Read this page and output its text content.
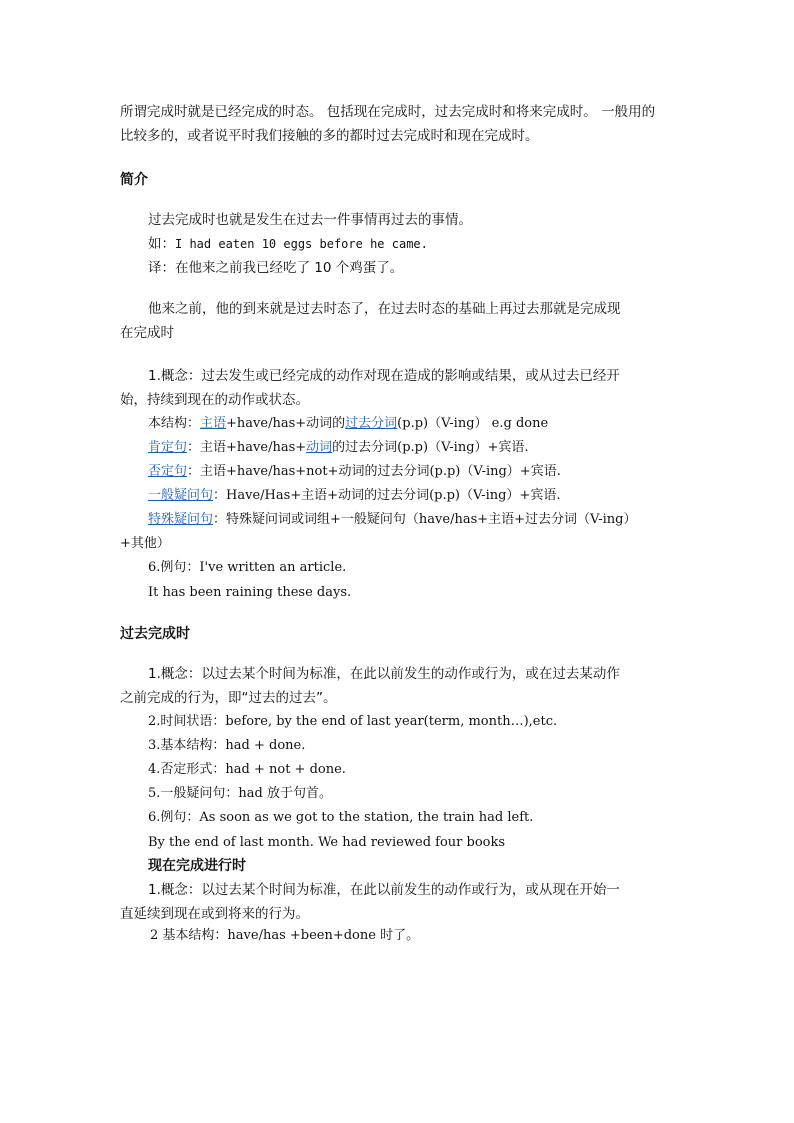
所谓完成时就是已经完成的时态。 包括现在完成时，过去完成时和将来完成时。 一般用的
比较多的，或者说平时我们接触的多的都时过去完成时和现在完成时。
简介
过去完成时也就是发生在过去一件事情再过去的事情。
如：I had eaten 10 eggs before he came.
译：在他来之前我已经吃了 10 个鸡蛋了。
他来之前，他的到来就是过去时态了，在过去时态的基础上再过去那就是完成现
在完成时
1.概念：过去发生或已经完成的动作对现在造成的影响或结果，或从过去已经开
始，持续到现在的动作或状态。
本结构：主语+have/has+动词的过去分词(p.p)（V-ing） e.g done
肯定句：主语+have/has+动词的过去分词(p.p)（V-ing）+宾语.
否定句：主语+have/has+not+动词的过去分词(p.p)（V-ing）+宾语.
一般疑问句：Have/Has+主语+动词的过去分词(p.p)（V-ing）+宾语.
特殊疑问句：特殊疑问词或词组+一般疑问句（have/has+主语+过去分词（V-ing）
+其他）
6.例句：I've written an article.
It has been raining these days.
过去完成时
1.概念：以过去某个时间为标准，在此以前发生的动作或行为，或在过去某动作
之前完成的行为，即“过去的过去”。
2.时间状语：before, by the end of last year(term, month…),etc.
3.基本结构：had + done.
4.否定形式：had + not + done.
5.一般疑问句：had 放于句首。
6.例句：As soon as we got to the station, the train had left.
By the end of last month. We had reviewed four books
现在完成进行时
1.概念：以过去某个时间为标准，在此以前发生的动作或行为，或从现在开始一
直延续到现在或到将来的行为。
2 基本结构：have/has +been+done 时了。
